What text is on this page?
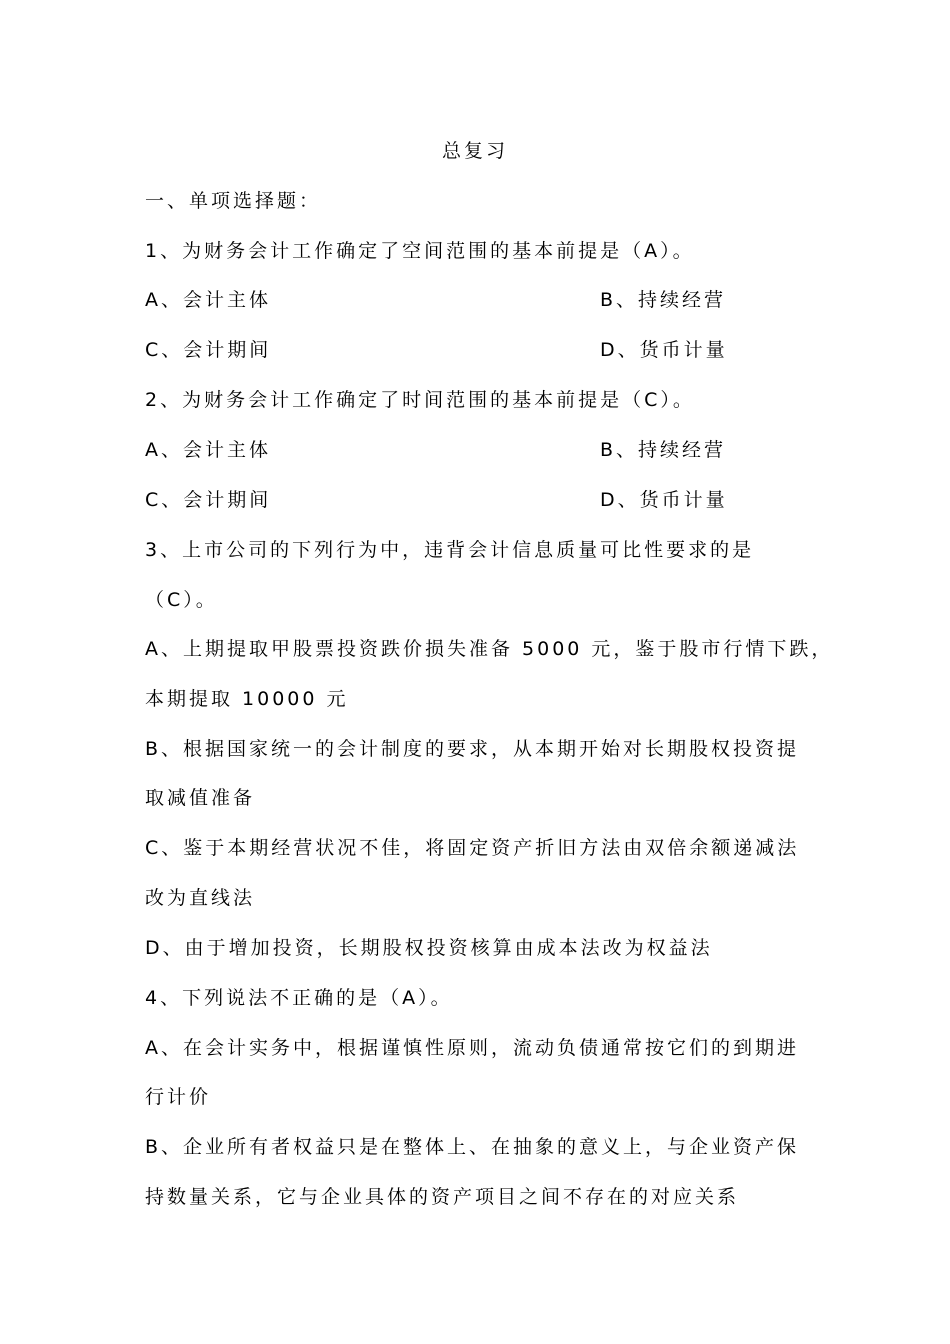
总复习
一、单项选择题：
1、为财务会计工作确定了空间范围的基本前提是（A）。
A、会计主体	B、持续经营
C、会计期间	D、货币计量
2、为财务会计工作确定了时间范围的基本前提是（C）。
A、会计主体	B、持续经营
C、会计期间	D、货币计量
3、上市公司的下列行为中，违背会计信息质量可比性要求的是
（C）。
A、上期提取甲股票投资跌价损失准备 5000 元，鉴于股市行情下跌，
本期提取 10000 元
B、根据国家统一的会计制度的要求，从本期开始对长期股权投资提
取减值准备
C、鉴于本期经营状况不佳，将固定资产折旧方法由双倍余额递减法
改为直线法
D、由于增加投资，长期股权投资核算由成本法改为权益法
4、下列说法不正确的是（A）。
A、在会计实务中，根据谨慎性原则，流动负债通常按它们的到期进
行计价
B、企业所有者权益只是在整体上、在抽象的意义上，与企业资产保
持数量关系，它与企业具体的资产项目之间不存在的对应关系
